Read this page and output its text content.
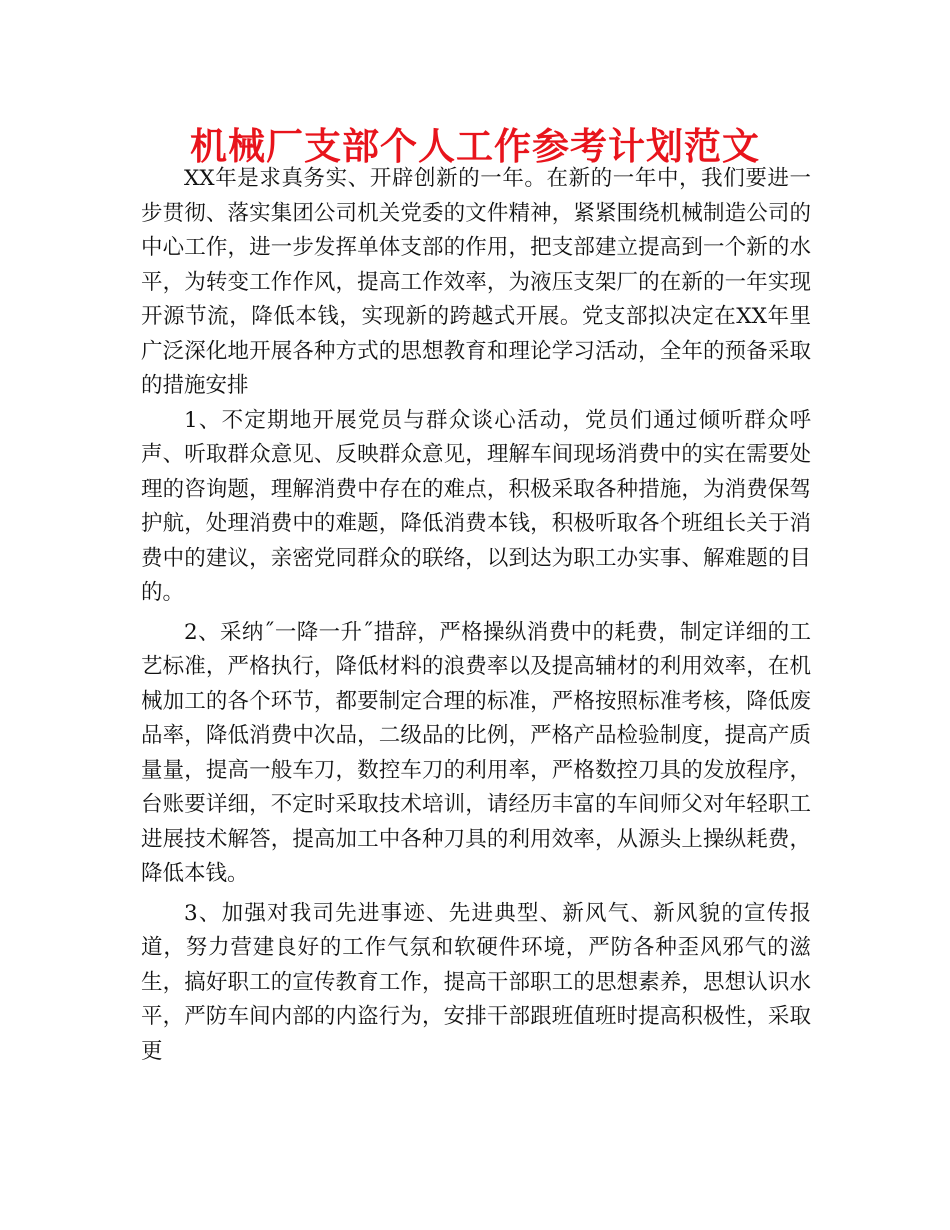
机械厂支部个人工作参考计划范文

XX年是求真务实、开辟创新的一年。在新的一年中，我们要进一步贯彻、落实集团公司机关党委的文件精神，紧紧围绕机械制造公司的中心工作，进一步发挥单体支部的作用，把支部建立提高到一个新的水平，为转变工作作风，提高工作效率，为液压支架厂的在新的一年实现开源节流，降低本钱，实现新的跨越式开展。党支部拟决定在XX年里广泛深化地开展各种方式的思想教育和理论学习活动，全年的预备采取的措施安排

1、不定期地开展党员与群众谈心活动，党员们通过倾听群众呼声、听取群众意见、反映群众意见，理解车间现场消费中的实在需要处理的咨询题，理解消费中存在的难点，积极采取各种措施，为消费保驾护航，处理消费中的难题，降低消费本钱，积极听取各个班组长关于消费中的建议，亲密党同群众的联络，以到达为职工办实事、解难题的目的。

2、采纳˝一降一升˝措辞，严格操纵消费中的耗费，制定详细的工艺标准，严格执行，降低材料的浪费率以及提高辅材的利用效率，在机械加工的各个环节，都要制定合理的标准，严格按照标准考核，降低废品率，降低消费中次品，二级品的比例，严格产品检验制度，提高产质量量，提高一般车刀，数控车刀的利用率，严格数控刀具的发放程序，台账要详细，不定时采取技术培训，请经历丰富的车间师父对年轻职工进展技术解答，提高加工中各种刀具的利用效率，从源头上操纵耗费，降低本钱。

3、加强对我司先进事迹、先进典型、新风气、新风貌的宣传报道，努力营建良好的工作气氛和软硬件环境，严防各种歪风邪气的滋生，搞好职工的宣传教育工作，提高干部职工的思想素养，思想认识水平，严防车间内部的内盗行为，安排干部跟班值班时提高积极性，采取更
